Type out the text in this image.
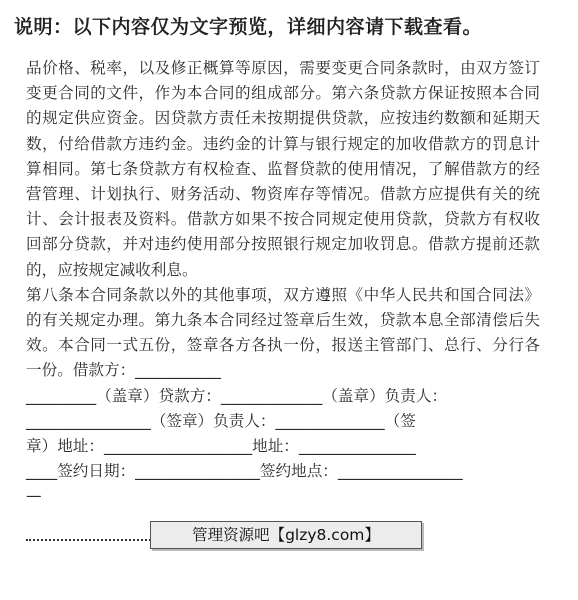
说明：以下内容仅为文字预览，详细内容请下载查看。
品价格、税率，以及修正概算等原因，需要变更合同条款时，由双方签订变更合同的文件，作为本合同的组成部分。第六条贷款方保证按照本合同的规定供应资金。因贷款方责任未按期提供贷款，应按违约数额和延期天数，付给借款方违约金。违约金的计算与银行规定的加收借款方的罚息计算相同。第七条贷款方有权检查、监督贷款的使用情况，了解借款方的经营管理、计划执行、财务活动、物资库存等情况。借款方应提供有关的统计、会计报表及资料。借款方如果不按合同规定使用贷款，贷款方有权收回部分贷款，并对违约使用部分按照银行规定加收罚息。借款方提前还款的，应按规定减收利息。
第八条本合同条款以外的其他事项，双方遵照《中华人民共和国合同法》的有关规定办理。第九条本合同经过签章后生效，贷款本息全部清偿后失效。本合同一式五份，签章各方各执一份，报送主管部门、总行、分行各一份。借款方：___________
_________（盖章）贷款方：_____________（盖章）负责人：
________________（签章）负责人：______________（签
章）地址：___________________地址：_______________
____签约日期：________________签约地点：________________
—
管理资源吧【glzy8.com】
